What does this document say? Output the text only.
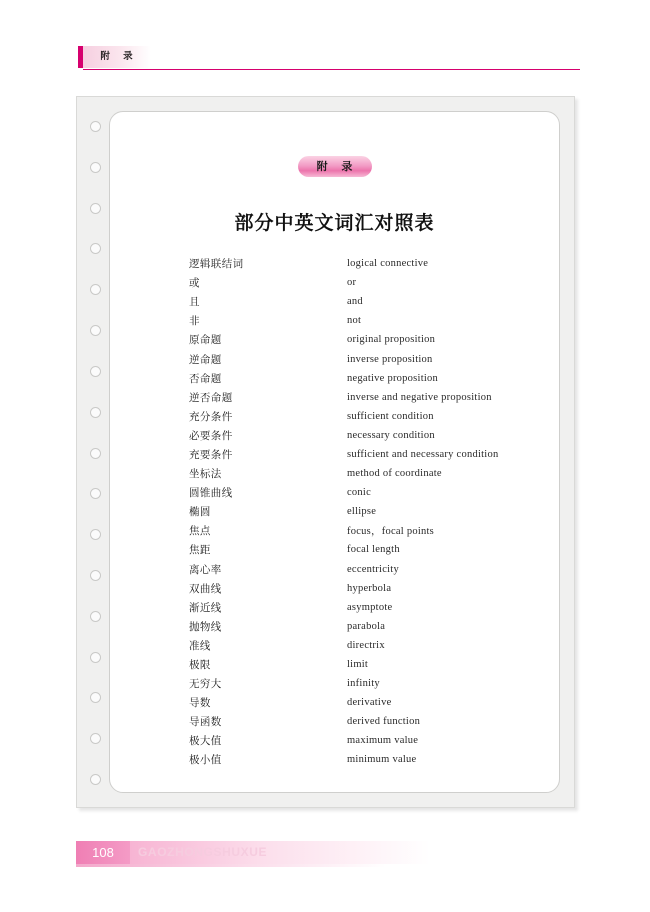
附 录
附 录
部分中英文词汇对照表
逻辑联结词	logical connective
或	or
且	and
非	not
原命题	original proposition
逆命题	inverse proposition
否命题	negative proposition
逆否命题	inverse and negative proposition
充分条件	sufficient condition
必要条件	necessary condition
充要条件	sufficient and necessary condition
坐标法	method of coordinate
圆锥曲线	conic
椭圆	ellipse
焦点	focus，focal points
焦距	focal length
离心率	eccentricity
双曲线	hyperbola
渐近线	asymptote
抛物线	parabola
准线	directrix
极限	limit
无穷大	infinity
导数	derivative
导函数	derived function
极大值	maximum value
极小值	minimum value
GAOZHONGSHUXUE
108
